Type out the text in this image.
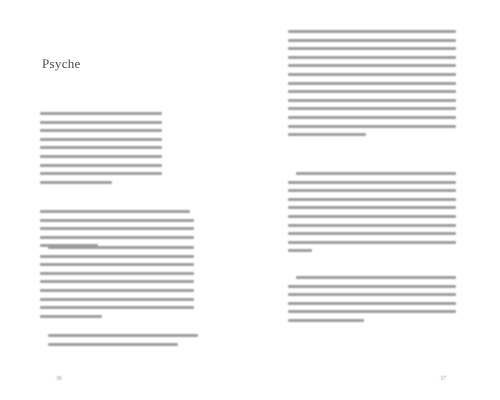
Psyche
36	37
